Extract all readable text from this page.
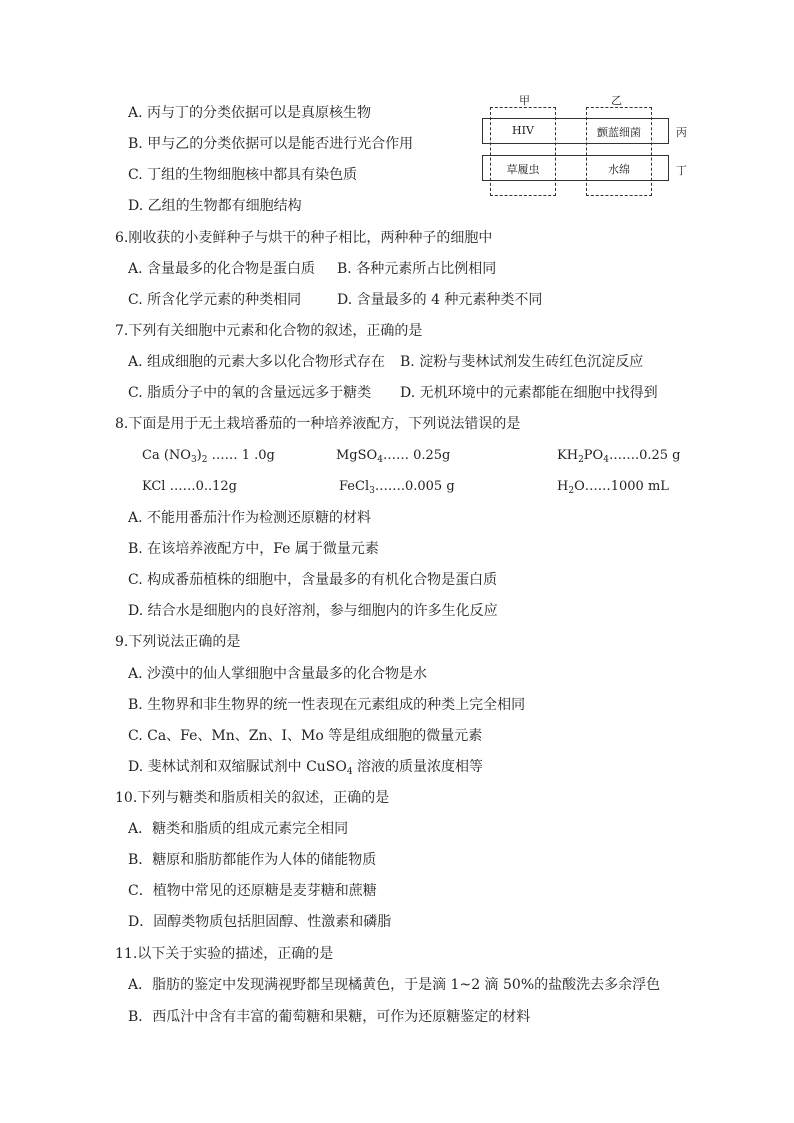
A. 丙与丁的分类依据可以是真原核生物
B. 甲与乙的分类依据可以是能否进行光合作用
C. 丁组的生物细胞核中都具有染色质
D. 乙组的生物都有细胞结构
甲	乙
HIV	颤蓝细菌
草履虫	水绵
丙
丁
6.刚收获的小麦鲜种子与烘干的种子相比，两种种子的细胞中
A. 含量最多的化合物是蛋白质 B. 各种元素所占比例相同
C. 所含化学元素的种类相同	D. 含量最多的 4 种元素种类不同
7.下列有关细胞中元素和化合物的叙述，正确的是
A. 组成细胞的元素大多以化合物形式存在 B. 淀粉与斐林试剂发生砖红色沉淀反应
C. 脂质分子中的氧的含量远远多于糖类 D. 无机环境中的元素都能在细胞中找得到
8.下面是用于无土栽培番茄的一种培养液配方，下列说法错误的是
Ca $(NO_3)_2$ …… 1 .0g	MgSO$_4$…… 0.25g	$KH_2PO_4\dots\dots.0.25$ g
KCl ……0..12g	FeCl$_3$…….0.005 g	$H_2O\dots\dots 1000$ mL
A. 不能用番茄汁作为检测还原糖的材料
B. 在该培养液配方中，Fe 属于微量元素
C. 构成番茄植株的细胞中，含量最多的有机化合物是蛋白质
D. 结合水是细胞内的良好溶剂，参与细胞内的许多生化反应
9.下列说法正确的是
A. 沙漠中的仙人掌细胞中含量最多的化合物是水
B. 生物界和非生物界的统一性表现在元素组成的种类上完全相同
C. Ca、Fe、Mn、Zn、I、Mo 等是组成细胞的微量元素
D. 斐林试剂和双缩脲试剂中 CuSO$_4$ 溶液的质量浓度相等
10.下列与糖类和脂质相关的叙述，正确的是
A．糖类和脂质的组成元素完全相同
B．糖原和脂肪都能作为人体的储能物质
C．植物中常见的还原糖是麦芽糖和蔗糖
D．固醇类物质包括胆固醇、性激素和磷脂
11.以下关于实验的描述，正确的是
A．脂肪的鉴定中发现满视野都呈现橘黄色，于是滴 1~2 滴 50%的盐酸洗去多余浮色
B．西瓜汁中含有丰富的葡萄糖和果糖，可作为还原糖鉴定的材料
